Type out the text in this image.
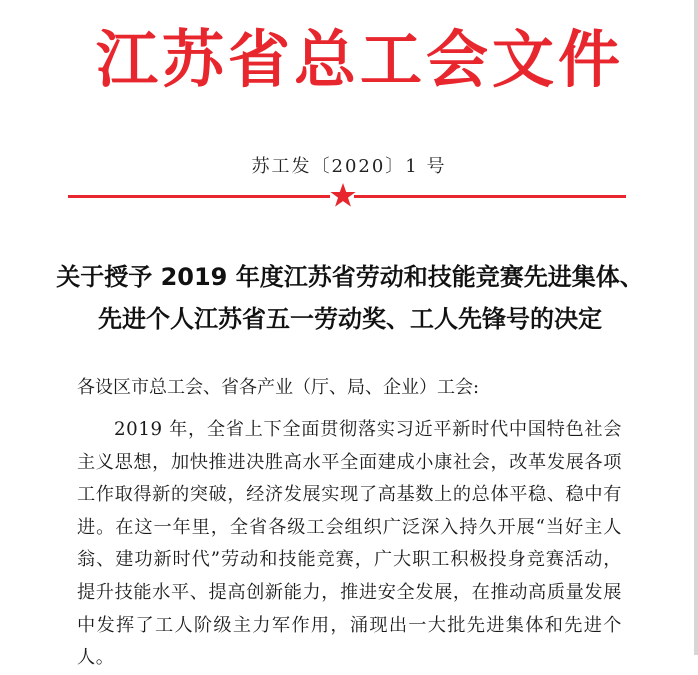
江苏省总工会文件
苏工发〔2020〕1 号
关于授予 2019 年度江苏省劳动和技能竞赛先进集体、
先进个人江苏省五一劳动奖、工人先锋号的决定
各设区市总工会、省各产业（厅、局、企业）工会:

2019 年，全省上下全面贯彻落实习近平新时代中国特色社会主义思想，加快推进决胜高水平全面建成小康社会，改革发展各项工作取得新的突破，经济发展实现了高基数上的总体平稳、稳中有进。在这一年里，全省各级工会组织广泛深入持久开展“当好主人翁、建功新时代”劳动和技能竞赛，广大职工积极投身竞赛活动，提升技能水平、提高创新能力，推进安全发展，在推动高质量发展中发挥了工人阶级主力军作用，涌现出一大批先进集体和先进个人。
